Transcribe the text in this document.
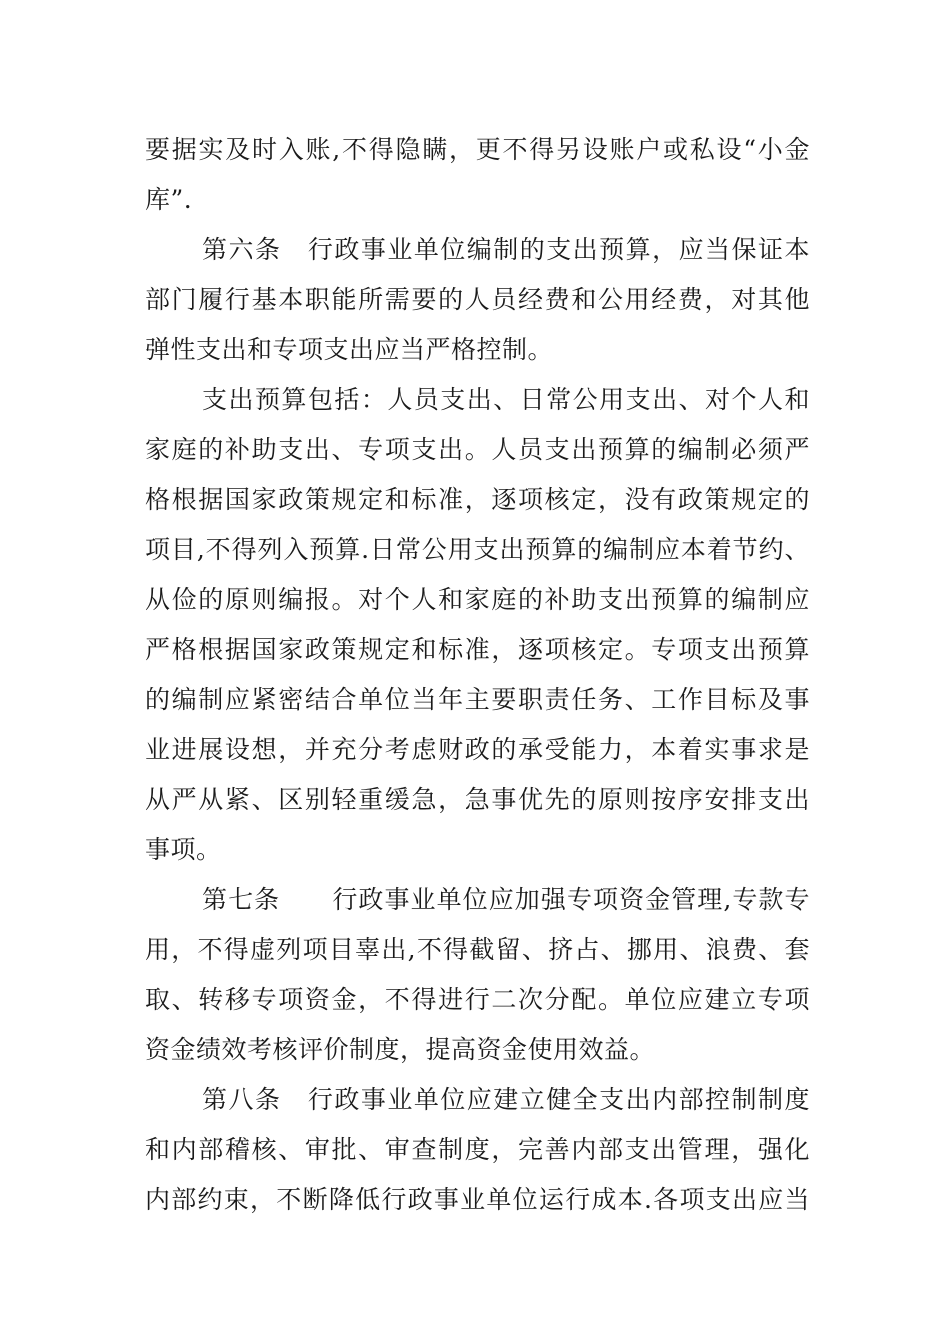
要据实及时入账,不得隐瞒，更不得另设账户或私设“小金
库”.
第六条　行政事业单位编制的支出预算，应当保证本
部门履行基本职能所需要的人员经费和公用经费，对其他
弹性支出和专项支出应当严格控制。
支出预算包括：人员支出、日常公用支出、对个人和
家庭的补助支出、专项支出。人员支出预算的编制必须严
格根据国家政策规定和标准，逐项核定，没有政策规定的
项目,不得列入预算.日常公用支出预算的编制应本着节约、
从俭的原则编报。对个人和家庭的补助支出预算的编制应
严格根据国家政策规定和标准，逐项核定。专项支出预算
的编制应紧密结合单位当年主要职责任务、工作目标及事
业进展设想，并充分考虑财政的承受能力，本着实事求是
从严从紧、区别轻重缓急，急事优先的原则按序安排支出
事项。
第七条　　行政事业单位应加强专项资金管理,专款专
用，不得虚列项目辜出,不得截留、挤占、挪用、浪费、套
取、转移专项资金，不得进行二次分配。单位应建立专项
资金绩效考核评价制度，提高资金使用效益。
第八条　行政事业单位应建立健全支出内部控制制度
和内部稽核、审批、审查制度，完善内部支出管理，强化
内部约束，不断降低行政事业单位运行成本.各项支出应当
